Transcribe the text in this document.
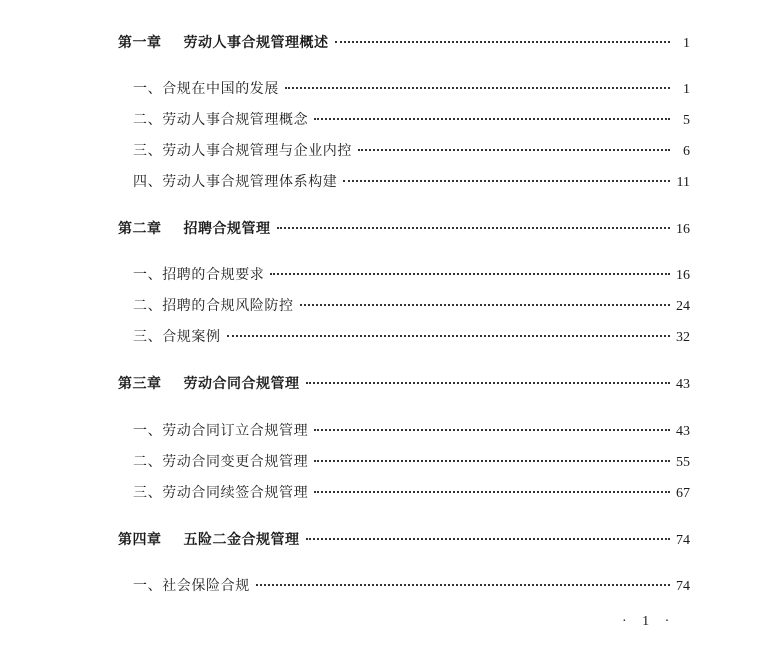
第一章 劳动人事合规管理概述	1
一、合规在中国的发展	1
二、劳动人事合规管理概念	5
三、劳动人事合规管理与企业内控	6
四、劳动人事合规管理体系构建	11
第二章 招聘合规管理	16
一、招聘的合规要求	16
二、招聘的合规风险防控	24
三、合规案例	32
第三章 劳动合同合规管理	43
一、劳动合同订立合规管理	43
二、劳动合同变更合规管理	55
三、劳动合同续签合规管理	67
第四章 五险二金合规管理	74
一、社会保险合规	74
· 1 ·
